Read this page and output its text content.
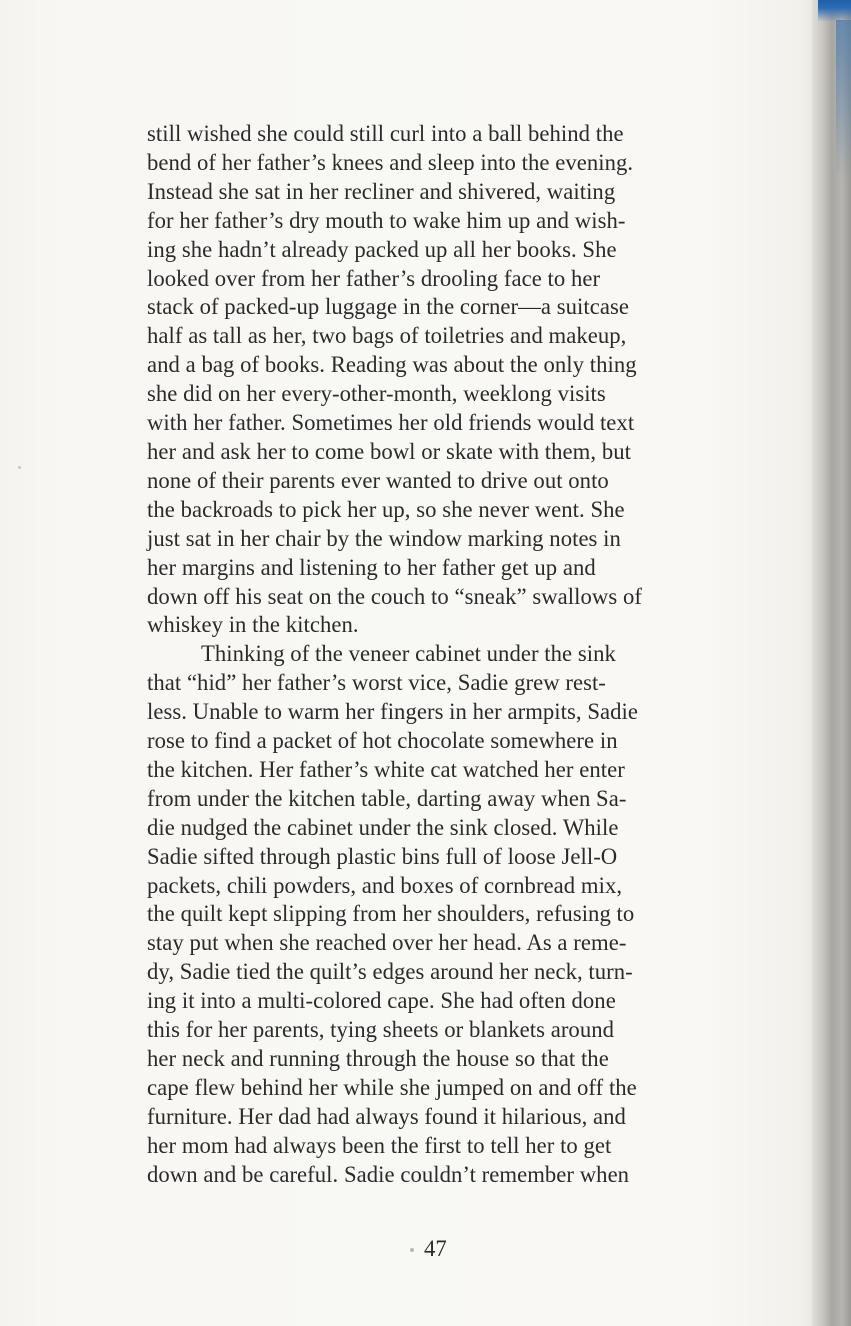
still wished she could still curl into a ball behind the
bend of her father’s knees and sleep into the evening.
Instead she sat in her recliner and shivered, waiting
for her father’s dry mouth to wake him up and wish-
ing she hadn’t already packed up all her books. She
looked over from her father’s drooling face to her
stack of packed-up luggage in the corner—a suitcase
half as tall as her, two bags of toiletries and makeup,
and a bag of books. Reading was about the only thing
she did on her every-other-month, weeklong visits
with her father. Sometimes her old friends would text
her and ask her to come bowl or skate with them, but
none of their parents ever wanted to drive out onto
the backroads to pick her up, so she never went. She
just sat in her chair by the window marking notes in
her margins and listening to her father get up and
down off his seat on the couch to “sneak” swallows of
whiskey in the kitchen.
Thinking of the veneer cabinet under the sink
that “hid” her father’s worst vice, Sadie grew rest-
less. Unable to warm her fingers in her armpits, Sadie
rose to find a packet of hot chocolate somewhere in
the kitchen. Her father’s white cat watched her enter
from under the kitchen table, darting away when Sa-
die nudged the cabinet under the sink closed. While
Sadie sifted through plastic bins full of loose Jell-O
packets, chili powders, and boxes of cornbread mix,
the quilt kept slipping from her shoulders, refusing to
stay put when she reached over her head. As a reme-
dy, Sadie tied the quilt’s edges around her neck, turn-
ing it into a multi-colored cape. She had often done
this for her parents, tying sheets or blankets around
her neck and running through the house so that the
cape flew behind her while she jumped on and off the
furniture. Her dad had always found it hilarious, and
her mom had always been the first to tell her to get
down and be careful. Sadie couldn’t remember when
47
